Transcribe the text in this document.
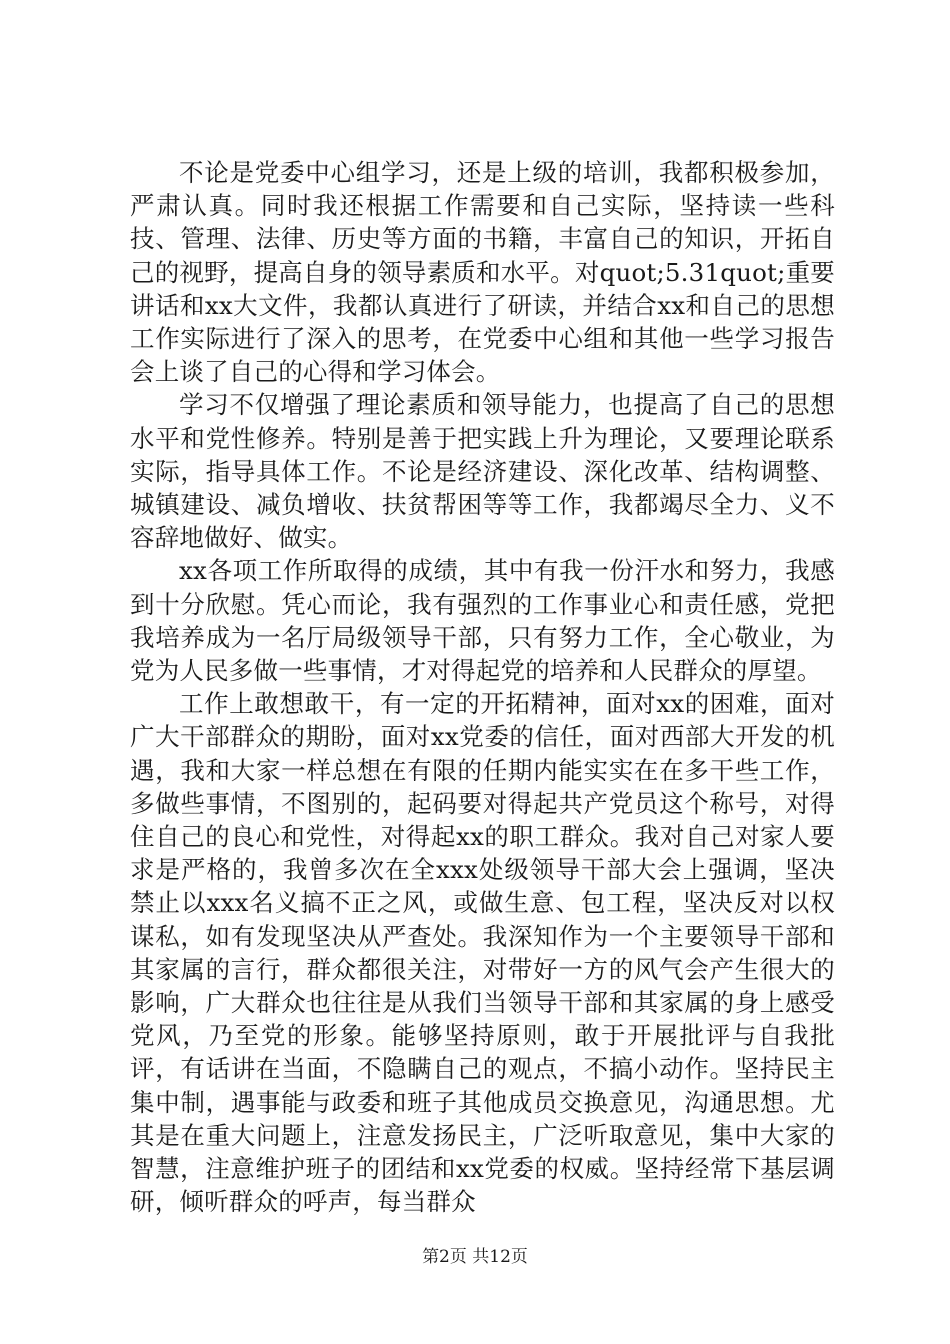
不论是党委中心组学习，还是上级的培训，我都积极参加，严肃认真。同时我还根据工作需要和自己实际，坚持读一些科技、管理、法律、历史等方面的书籍，丰富自己的知识，开拓自己的视野，提高自身的领导素质和水平。对quot;5.31quot;重要讲话和xx大文件，我都认真进行了研读，并结合xx和自己的思想工作实际进行了深入的思考，在党委中心组和其他一些学习报告会上谈了自己的心得和学习体会。

学习不仅增强了理论素质和领导能力，也提高了自己的思想水平和党性修养。特别是善于把实践上升为理论，又要理论联系实际，指导具体工作。不论是经济建设、深化改革、结构调整、城镇建设、减负增收、扶贫帮困等等工作，我都竭尽全力、义不容辞地做好、做实。

xx各项工作所取得的成绩，其中有我一份汗水和努力，我感到十分欣慰。凭心而论，我有强烈的工作事业心和责任感，党把我培养成为一名厅局级领导干部，只有努力工作，全心敬业，为党为人民多做一些事情，才对得起党的培养和人民群众的厚望。

工作上敢想敢干，有一定的开拓精神，面对xx的困难，面对广大干部群众的期盼，面对xx党委的信任，面对西部大开发的机遇，我和大家一样总想在有限的任期内能实实在在多干些工作，多做些事情，不图别的，起码要对得起共产党员这个称号，对得住自己的良心和党性，对得起xx的职工群众。我对自己对家人要求是严格的，我曾多次在全xxx处级领导干部大会上强调，坚决禁止以xxx名义搞不正之风，或做生意、包工程，坚决反对以权谋私，如有发现坚决从严查处。我深知作为一个主要领导干部和其家属的言行，群众都很关注，对带好一方的风气会产生很大的影响，广大群众也往往是从我们当领导干部和其家属的身上感受党风，乃至党的形象。能够坚持原则，敢于开展批评与自我批评，有话讲在当面，不隐瞒自己的观点，不搞小动作。坚持民主集中制，遇事能与政委和班子其他成员交换意见，沟通思想。尤其是在重大问题上，注意发扬民主，广泛听取意见，集中大家的智慧，注意维护班子的团结和xx党委的权威。坚持经常下基层调研，倾听群众的呼声，每当群众

第2页 共12页
